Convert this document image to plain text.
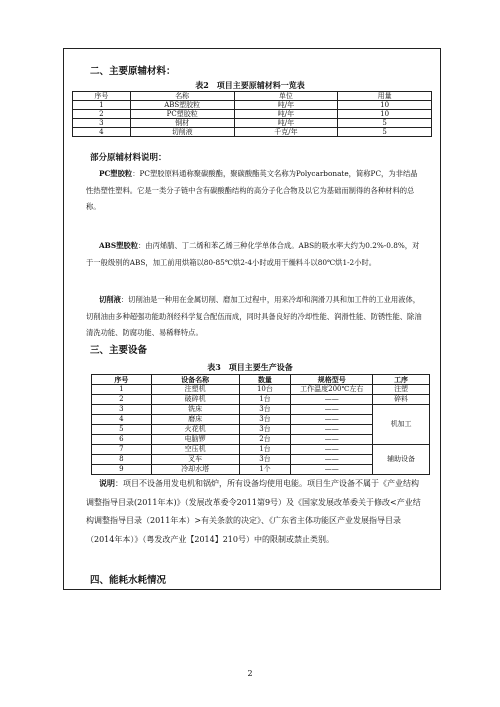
二、主要原辅材料：
表2　项目主要原辅材料一览表
序号	名称	单位	用量
1	ABS塑胶粒	吨/年	10
2	PC塑胶粒	吨/年	10
3	钢材	吨/年	5
4	切削液	千克/年	5
部分原辅材料说明：
PC塑胶粒：PC塑胶原料通称聚碳酸酯，聚碳酸酯英文名称为Polycarbonate，简称PC，为非结晶性热塑性塑料。它是一类分子链中含有碳酸酯结构的高分子化合物及以它为基础而制得的各种材料的总称。
ABS塑胶粒：由丙烯腈、丁二烯和苯乙烯三种化学单体合成。ABS的吸水率大约为0.2%-0.8%，对于一般级别的ABS，加工前用烘箱以80-85℃烘2-4小时或用干燥料斗以80℃烘1-2小时。
切削液：切削油是一种用在金属切削、磨加工过程中，用来冷却和润滑刀具和加工件的工业用液体，切削油由多种超强功能助剂经科学复合配伍而成，同时具备良好的冷却性能、润滑性能、防锈性能、除油清洗功能、防腐功能、易稀释特点。
三、主要设备
表3　项目主要生产设备
序号	设备名称	数量	规格型号	工序
1	注塑机	10台	工作温度200℃左右	注塑
2	破碎机	1台	——	碎料
3	铣床	3台	——	机加工
4	磨床	3台	——	
5	火花机	3台	——	
6	电脑锣	2台	——	
7	空压机	1台	——	辅助设备
8	叉车	3台	——	
9	冷却水塔	1个	——	
说明：项目不设备用发电机和锅炉，所有设备均使用电能。项目生产设备不属于《产业结构调整指导目录(2011年本)》（发展改革委令2011第9号）及《国家发展改革委关于修改<产业结构调整指导目录（2011年本）>有关条款的决定》、《广东省主体功能区产业发展指导目录（2014年本）》（粤发改产业【2014】210号）中的限制或禁止类别。
四、能耗水耗情况
2
